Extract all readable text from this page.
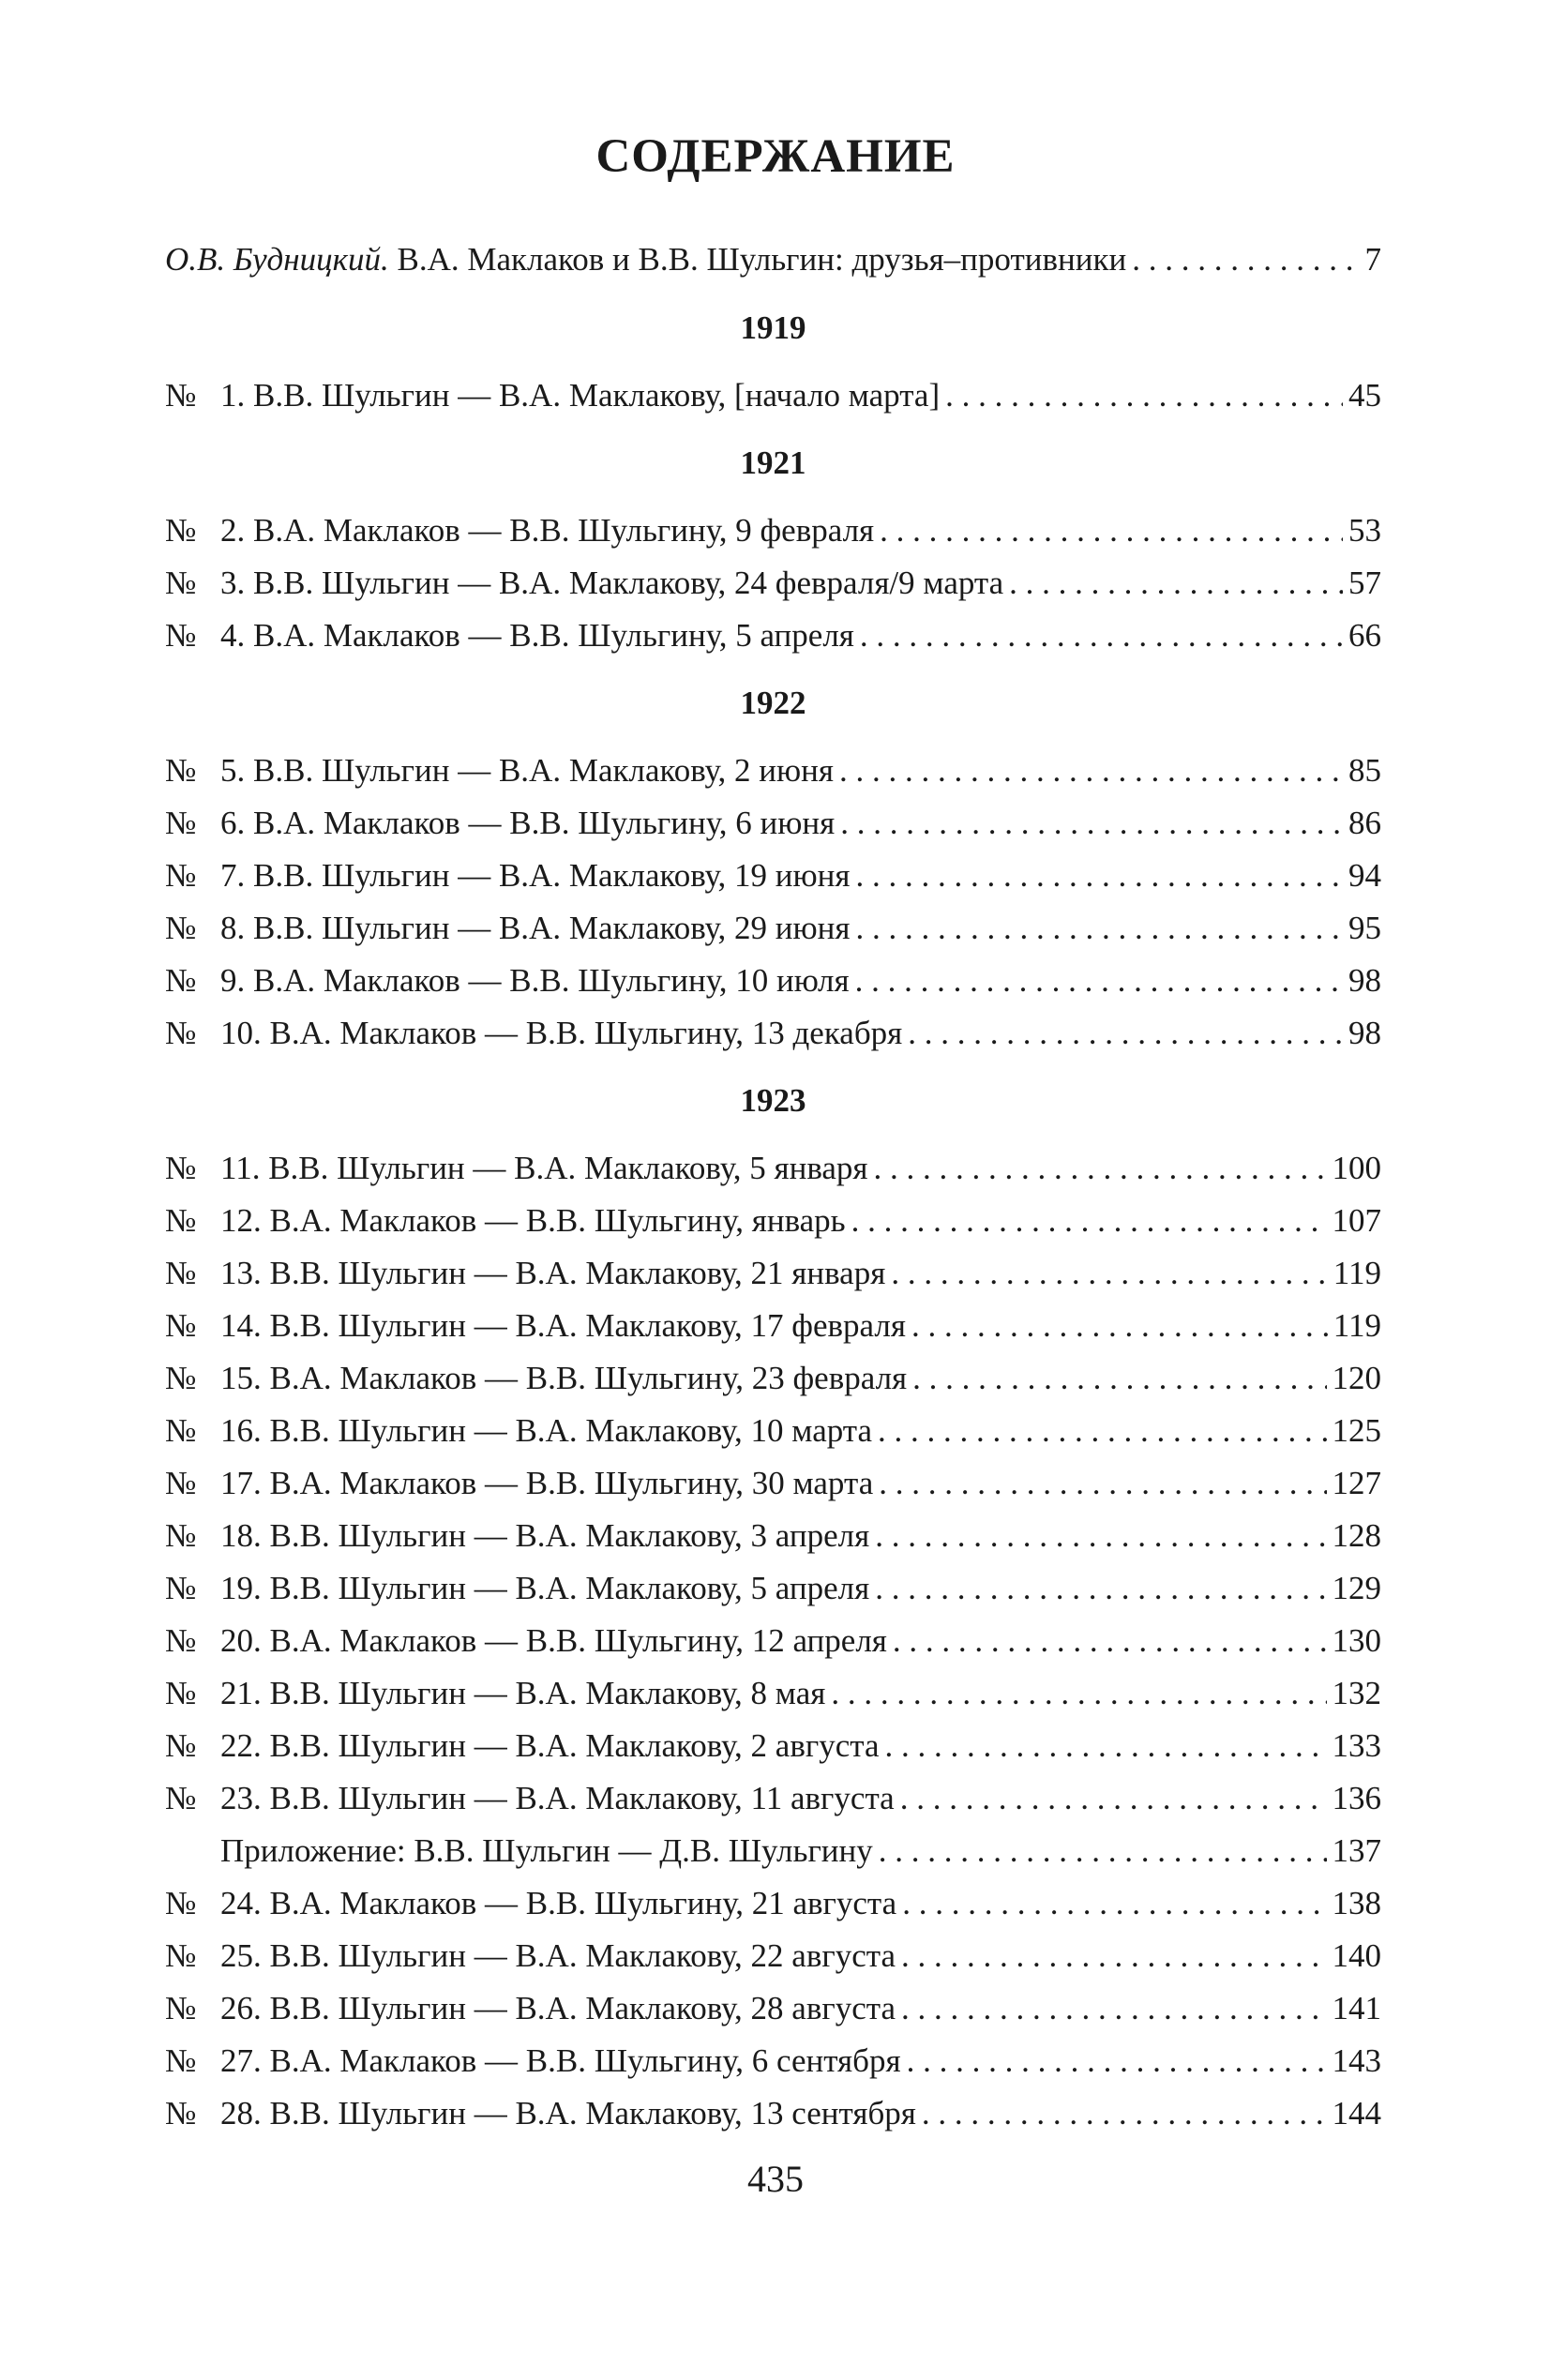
СОДЕРЖАНИЕ
О.В. Будницкий. В.А. Маклаков и В.В. Шульгин: друзья–противники . . .	7
1919
№ 1. В.В. Шульгин — В.А. Маклакову, [начало марта] . . .	45
1921
№ 2. В.А. Маклаков — В.В. Шульгину, 9 февраля . . .	53
№ 3. В.В. Шульгин — В.А. Маклакову, 24 февраля/9 марта . . .	57
№ 4. В.А. Маклаков — В.В. Шульгину, 5 апреля . . .	66
1922
№ 5. В.В. Шульгин — В.А. Маклакову, 2 июня . . .	85
№ 6. В.А. Маклаков — В.В. Шульгину, 6 июня . . .	86
№ 7. В.В. Шульгин — В.А. Маклакову, 19 июня . . .	94
№ 8. В.В. Шульгин — В.А. Маклакову, 29 июня . . .	95
№ 9. В.А. Маклаков — В.В. Шульгину, 10 июля . . .	98
№ 10. В.А. Маклаков — В.В. Шульгину, 13 декабря . . .	98
1923
№ 11. В.В. Шульгин — В.А. Маклакову, 5 января . . .	100
№ 12. В.А. Маклаков — В.В. Шульгину, январь . . .	107
№ 13. В.В. Шульгин — В.А. Маклакову, 21 января . . .	119
№ 14. В.В. Шульгин — В.А. Маклакову, 17 февраля . . .	119
№ 15. В.А. Маклаков — В.В. Шульгину, 23 февраля . . .	120
№ 16. В.В. Шульгин — В.А. Маклакову, 10 марта . . .	125
№ 17. В.А. Маклаков — В.В. Шульгину, 30 марта . . .	127
№ 18. В.В. Шульгин — В.А. Маклакову, 3 апреля . . .	128
№ 19. В.В. Шульгин — В.А. Маклакову, 5 апреля . . .	129
№ 20. В.А. Маклаков — В.В. Шульгину, 12 апреля . . .	130
№ 21. В.В. Шульгин — В.А. Маклакову, 8 мая . . .	132
№ 22. В.В. Шульгин — В.А. Маклакову, 2 августа . . .	133
№ 23. В.В. Шульгин — В.А. Маклакову, 11 августа . . .	136
Приложение: В.В. Шульгин — Д.В. Шульгину . . .	137
№ 24. В.А. Маклаков — В.В. Шульгину, 21 августа . . .	138
№ 25. В.В. Шульгин — В.А. Маклакову, 22 августа . . .	140
№ 26. В.В. Шульгин — В.А. Маклакову, 28 августа . . .	141
№ 27. В.А. Маклаков — В.В. Шульгину, 6 сентября . . .	143
№ 28. В.В. Шульгин — В.А. Маклакову, 13 сентября . . .	144
435
